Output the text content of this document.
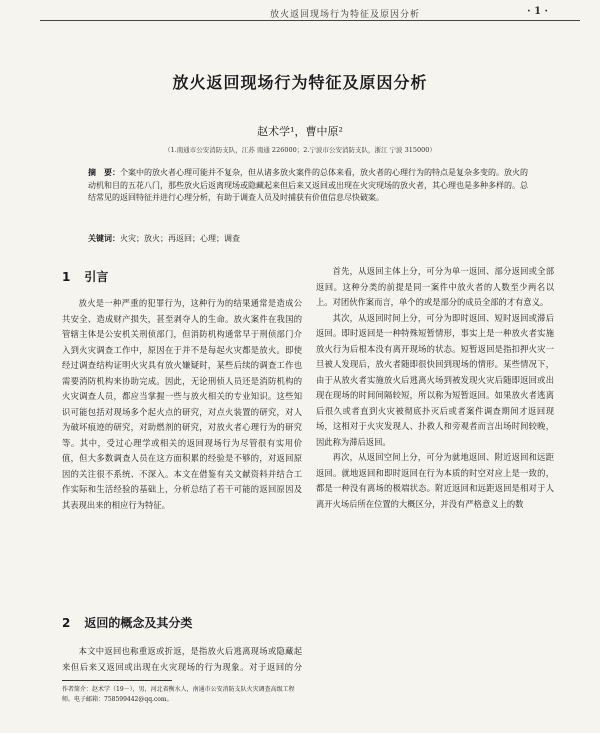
放火返回现场行为特征及原因分析	· 1 ·
放火返回现场行为特征及原因分析
赵术学¹，曹中原²
（1.南通市公安消防支队，江苏 南通 226000；2.宁波市公安消防支队，浙江 宁波 315000）
摘　要：个案中的放火者心理可能并不复杂，但从诸多放火案件的总体来看，放火者的心理行为的特点是复杂多变的。放火的动机和目的五花八门，那些放火后返离现场或隐藏起来但后来又返回或出现在火灾现场的放火者，其心理也是多种多样的。总结常见的返回特征并进行心理分析，有助于调查人员及时捕获有价值信息尽快破案。
关键词：火灾；放火；再返回；心理；调查
1 引言

放火是一种严重的犯罪行为，这种行为的结果通常是造成公共安全、造成财产损失，甚至剥夺人的生命。放火案件在我国的管辖主体是公安机关刑侦部门，但消防机构通常早于刑侦部门介入到火灾调查工作中，原因在于并不是每起火灾都是放火。即使经过调查结构证明火灾具有放火嫌疑时，某些后续的调查工作也需要消防机构来协助完成。因此，无论刑侦人员还是消防机构的火灾调查人员，都应当掌握一些与放火相关的专业知识。这些知识可能包括对现场多个起火点的研究，对点火装置的研究，对人为破坏痕迹的研究，对助燃剂的研究，对放火者心理行为的研究等。其中，受过心理学或相关的返回现场行为尽管很有实用价值，但大多数调查人员在这方面积累的经验是不够的，对返回原因的关注很不系统、不深入。本文在借鉴有关文献资料并结合工作实际和生活经验的基础上，分析总结了若干可能的返回原因及其表现出来的相应行为特征。

2 返回的概念及其分类

本文中返回也称重返或折返，是指放火后逃离现场或隐藏起来但后来又返回或出现在火灾现场的行为现象。对于返回的分

首先，从返回主体上分，可分为单一返回、部分返回或全部返回。这种分类的前提是同一案件中放火者的人数至少两名以上。对团伙作案而言，单个的或是部分的成员全部的才有意义。

其次，从返回时间上分，可分为即时返回、短时返回或滞后返回。即时返回是一种特殊短暂情形，事实上是一种放火者实施放火行为后根本没有离开现场的状态。短暂返回是指扣押火灾一旦被人发现后，放火者随即很快回到现场的情形。某些情况下，由于从放火者实施放火后逃离火场到被发现火灾后随即返回或出现在现场的时间间隔较短，所以称为短暂返回。如果放火者逃离后很久或者直到火灾被彻底扑灭后或者案件调查期间才返回现场，这相对于火灾发现人、扑救人和旁观者而言出场时间较晚，因此称为滞后返回。

再次，从返回空间上分，可分为就地返回、附近返回和远距返回。就地返回和即时返回在行为本质的时空对应上是一致的，都是一种没有离场的极端状态。附近返回和远距返回是相对于人离开火场后所在位置的大概区分，并没有严格意义上的数

作者简介：赵术学（19－），男，河北省衡水人，南通市公安消防支队火灾调查高级工程师。电子邮箱：758599442@qq.com。
